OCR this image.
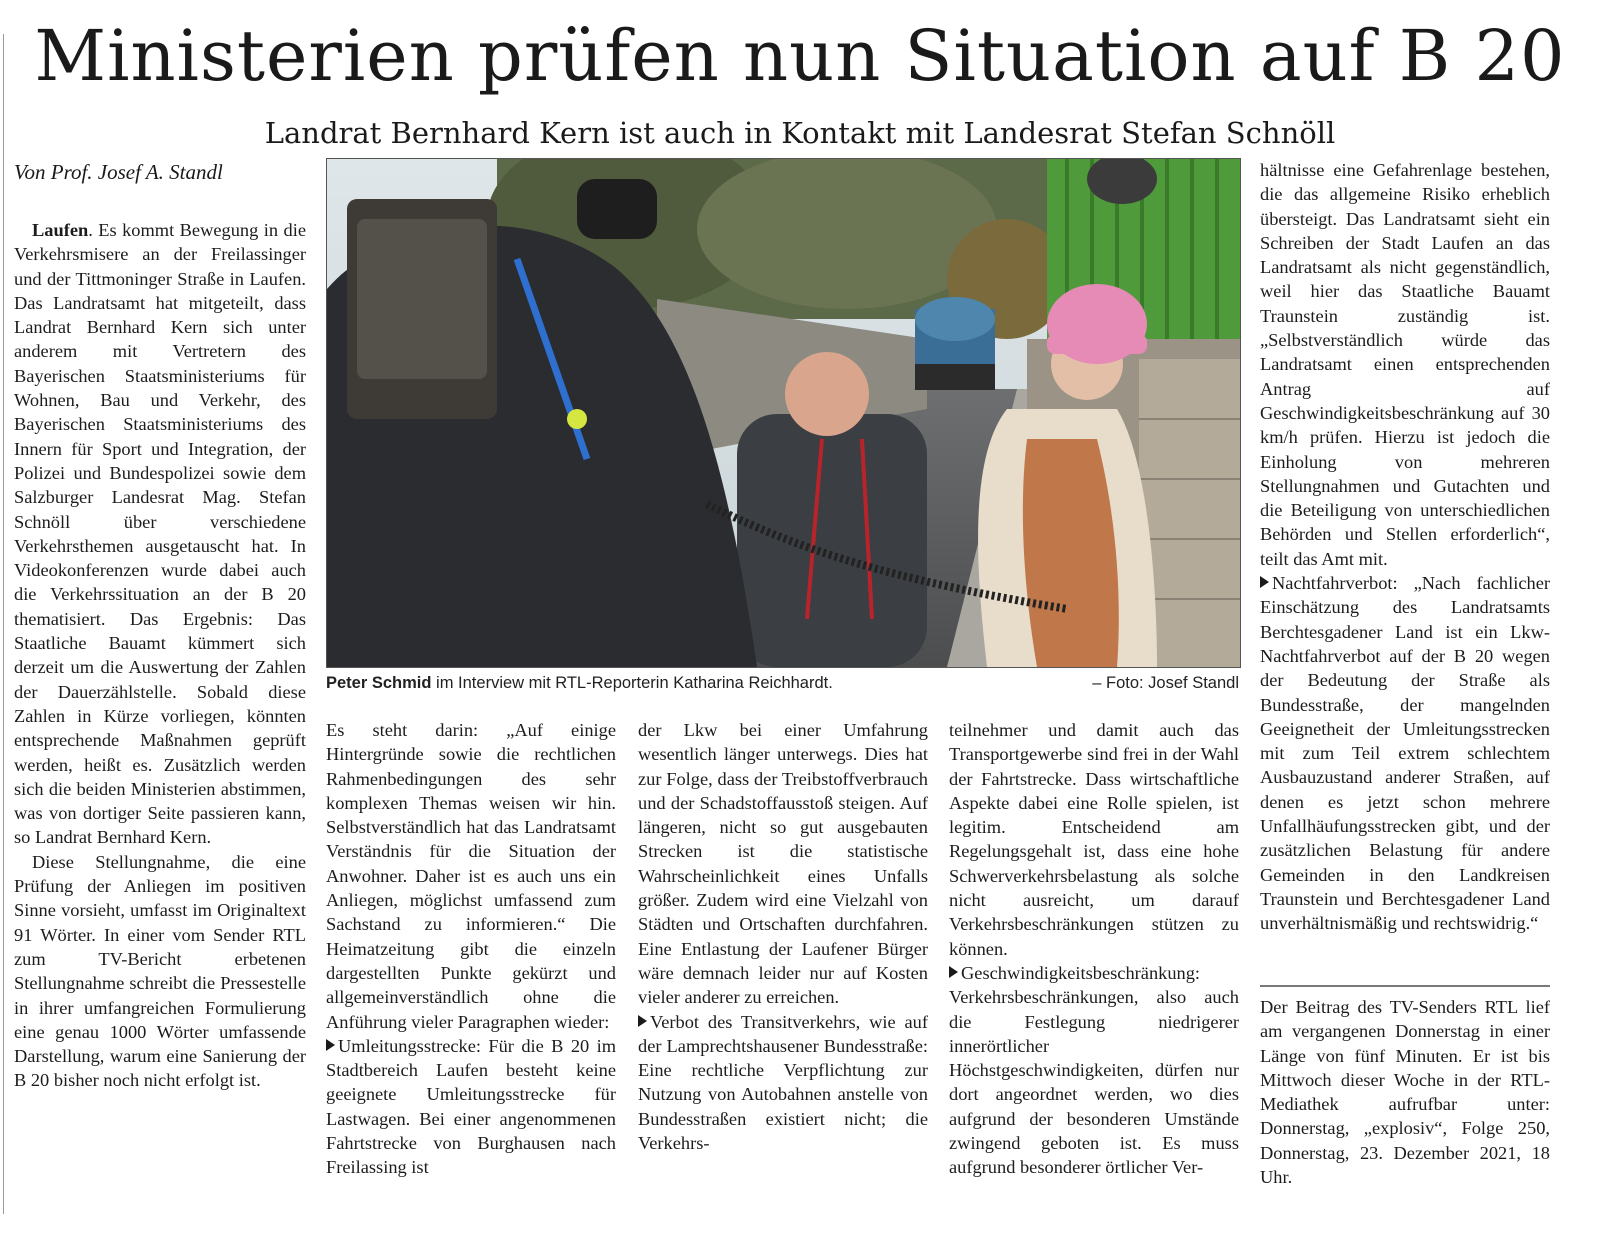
Ministerien prüfen nun Situation auf B 20
Landrat Bernhard Kern ist auch in Kontakt mit Landesrat Stefan Schnöll
Von Prof. Josef A. Standl

Laufen. Es kommt Bewegung in die Verkehrsmisere an der Freilassinger und der Tittmoninger Straße in Laufen. Das Landratsamt hat mitgeteilt, dass Landrat Bernhard Kern sich unter anderem mit Vertretern des Bayerischen Staatsministeriums für Wohnen, Bau und Verkehr, des Bayerischen Staatsministeriums des Innern für Sport und Integration, der Polizei und Bundespolizei sowie dem Salzburger Landesrat Mag. Stefan Schnöll über verschiedene Verkehrsthemen ausgetauscht hat. In Videokonferenzen wurde dabei auch die Verkehrssituation an der B 20 thematisiert. Das Ergebnis: Das Staatliche Bauamt kümmert sich derzeit um die Auswertung der Zahlen der Dauerzählstelle. Sobald diese Zahlen in Kürze vorliegen, könnten entsprechende Maßnahmen geprüft werden, heißt es. Zusätzlich werden sich die beiden Ministerien abstimmen, was von dortiger Seite passieren kann, so Landrat Bernhard Kern.

Diese Stellungnahme, die eine Prüfung der Anliegen im positiven Sinne vorsieht, umfasst im Originaltext 91 Wörter. In einer vom Sender RTL zum TV-Bericht erbetenen Stellungnahme schreibt die Pressestelle in ihrer umfangreichen Formulierung eine genau 1000 Wörter umfassende Darstellung, warum eine Sanierung der B 20 bisher noch nicht erfolgt ist.

Peter Schmid im Interview mit RTL-Reporterin Katharina Reichhardt.	– Foto: Josef Standl

Es steht darin: „Auf einige Hintergründe sowie die rechtlichen Rahmenbedingungen des sehr komplexen Themas weisen wir hin. Selbstverständlich hat das Landratsamt Verständnis für die Situation der Anwohner. Daher ist es auch uns ein Anliegen, möglichst umfassend zum Sachstand zu informieren.“ Die Heimatzeitung gibt die einzeln dargestellten Punkte gekürzt und allgemeinverständlich ohne die Anführung vieler Paragraphen wieder:

Umleitungsstrecke: Für die B 20 im Stadtbereich Laufen besteht keine geeignete Umleitungsstrecke für Lastwagen. Bei einer angenommenen Fahrtstrecke von Burghausen nach Freilassing ist

der Lkw bei einer Umfahrung wesentlich länger unterwegs. Dies hat zur Folge, dass der Treibstoffverbrauch und der Schadstoffausstoß steigen. Auf längeren, nicht so gut ausgebauten Strecken ist die statistische Wahrscheinlichkeit eines Unfalls größer. Zudem wird eine Vielzahl von Städten und Ortschaften durchfahren. Eine Entlastung der Laufener Bürger wäre demnach leider nur auf Kosten vieler anderer zu erreichen.

Verbot des Transitverkehrs, wie auf der Lamprechtshausener Bundesstraße: Eine rechtliche Verpflichtung zur Nutzung von Autobahnen anstelle von Bundesstraßen existiert nicht; die Verkehrs-

teilnehmer und damit auch das Transportgewerbe sind frei in der Wahl der Fahrtstrecke. Dass wirtschaftliche Aspekte dabei eine Rolle spielen, ist legitim. Entscheidend am Regelungsgehalt ist, dass eine hohe Schwerverkehrsbelastung als solche nicht ausreicht, um darauf Verkehrsbeschränkungen stützen zu können.

Geschwindigkeitsbeschränkung: Verkehrsbeschränkungen, also auch die Festlegung niedrigerer innerörtlicher Höchstgeschwindigkeiten, dürfen nur dort angeordnet werden, wo dies aufgrund der besonderen Umstände zwingend geboten ist. Es muss aufgrund besonderer örtlicher Ver-

hältnisse eine Gefahrenlage bestehen, die das allgemeine Risiko erheblich übersteigt. Das Landratsamt sieht ein Schreiben der Stadt Laufen an das Landratsamt als nicht gegenständlich, weil hier das Staatliche Bauamt Traunstein zuständig ist. „Selbstverständlich würde das Landratsamt einen entsprechenden Antrag auf Geschwindigkeitsbeschränkung auf 30 km/h prüfen. Hierzu ist jedoch die Einholung von mehreren Stellungnahmen und Gutachten und die Beteiligung von unterschiedlichen Behörden und Stellen erforderlich“, teilt das Amt mit.

Nachtfahrverbot: „Nach fachlicher Einschätzung des Landratsamts Berchtesgadener Land ist ein Lkw- Nachtfahrverbot auf der B 20 wegen der Bedeutung der Straße als Bundesstraße, der mangelnden Geeignetheit der Umleitungsstrecken mit zum Teil extrem schlechtem Ausbauzustand anderer Straßen, auf denen es jetzt schon mehrere Unfallhäufungsstrecken gibt, und der zusätzlichen Belastung für andere Gemeinden in den Landkreisen Traunstein und Berchtesgadener Land unverhältnismäßig und rechtswidrig.“

Der Beitrag des TV-Senders RTL lief am vergangenen Donnerstag in einer Länge von fünf Minuten. Er ist bis Mittwoch dieser Woche in der RTL-Mediathek aufrufbar unter: Donnerstag, „explosiv“, Folge 250, Donnerstag, 23. Dezember 2021, 18 Uhr.
